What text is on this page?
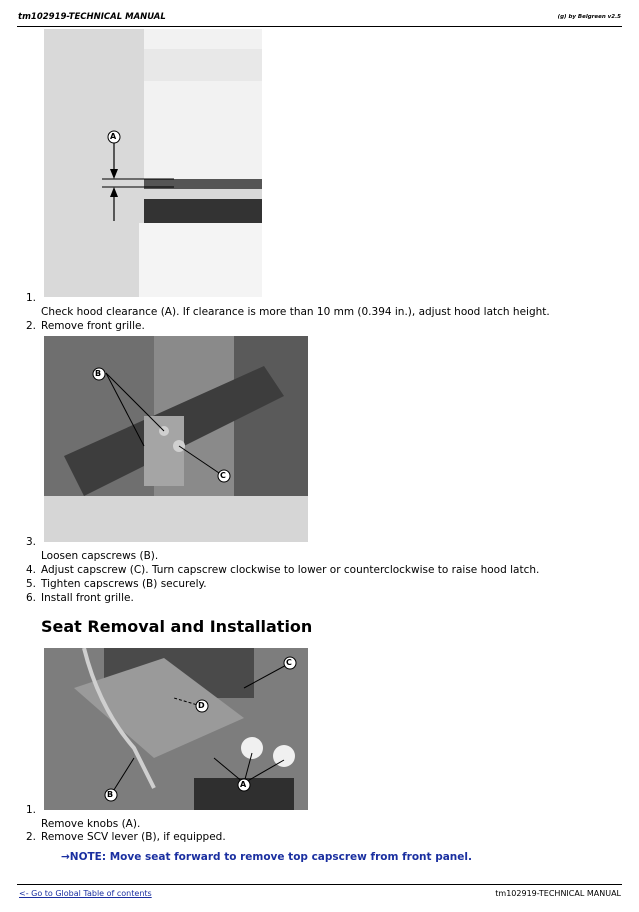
tm102919-TECHNICAL MANUAL	(g) by Belgreen v2.5
A
1.
Check hood clearance (A). If clearance is more than 10 mm (0.394 in.), adjust hood latch height.
2. Remove front grille.
B
C
3.
Loosen capscrews (B).
4. Adjust capscrew (C). Turn capscrew clockwise to lower or counterclockwise to raise hood latch.
5. Tighten capscrews (B) securely.
6. Install front grille.
Seat Removal and Installation
A
B
C
D
1.
Remove knobs (A).
2. Remove SCV lever (B), if equipped.
→NOTE: Move seat forward to remove top capscrew from front panel.
<- Go to Global Table of contents	tm102919-TECHNICAL MANUAL
